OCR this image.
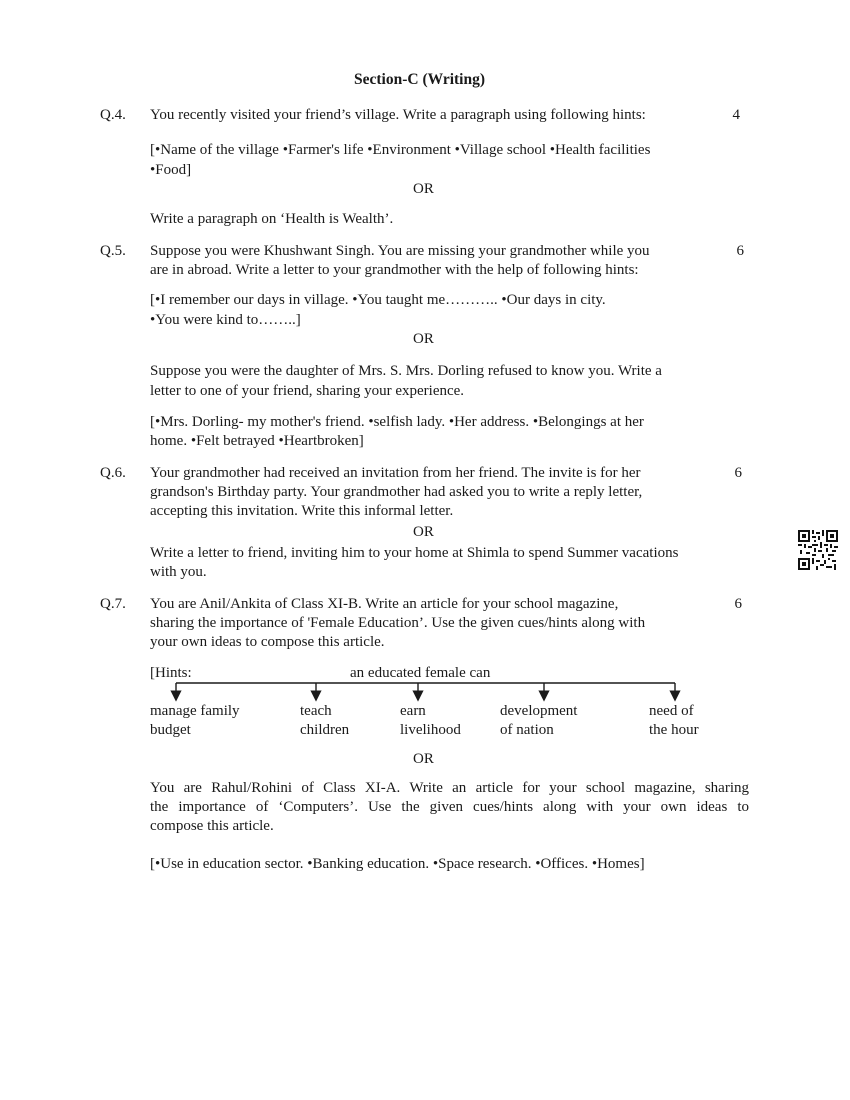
Section-C (Writing)
Q.4. You recently visited your friend’s village. Write a paragraph using following hints:	4
[•Name of the village •Farmer's life •Environment •Village school •Health facilities
•Food]
OR
Write a paragraph on ‘Health is Wealth’.
Q.5. Suppose you were Khushwant Singh. You are missing your grandmother while you	6
are in abroad. Write a letter to your grandmother with the help of following hints:
[•I remember our days in village. •You taught me……….. •Our days in city.
•You were kind to……..]
OR
Suppose you were the daughter of Mrs. S. Mrs. Dorling refused to know you. Write a
letter to one of your friend, sharing your experience.
[•Mrs. Dorling- my mother's friend. •selfish lady. •Her address. •Belongings at her
home. •Felt betrayed •Heartbroken]
Q.6. Your grandmother had received an invitation from her friend. The invite is for her	6
grandson's Birthday party. Your grandmother had asked you to write a reply letter,
accepting this invitation. Write this informal letter.
OR
Write a letter to friend, inviting him to your home at Shimla to spend Summer vacations
with you.
Q.7. You are Anil/Ankita of Class XI-B. Write an article for your school magazine,	6
sharing the importance of 'Female Education’. Use the given cues/hints along with
your own ideas to compose this article.
[Hints:	an educated female can
manage family
budget
teach
children
earn
livelihood
development
of nation
need of
the hour
OR
You are Rahul/Rohini of Class XI-A. Write an article for your school magazine, sharing
the importance of ‘Computers’. Use the given cues/hints along with your own ideas to
compose this article.
[•Use in education sector. •Banking education. •Space research. •Offices. •Homes]
